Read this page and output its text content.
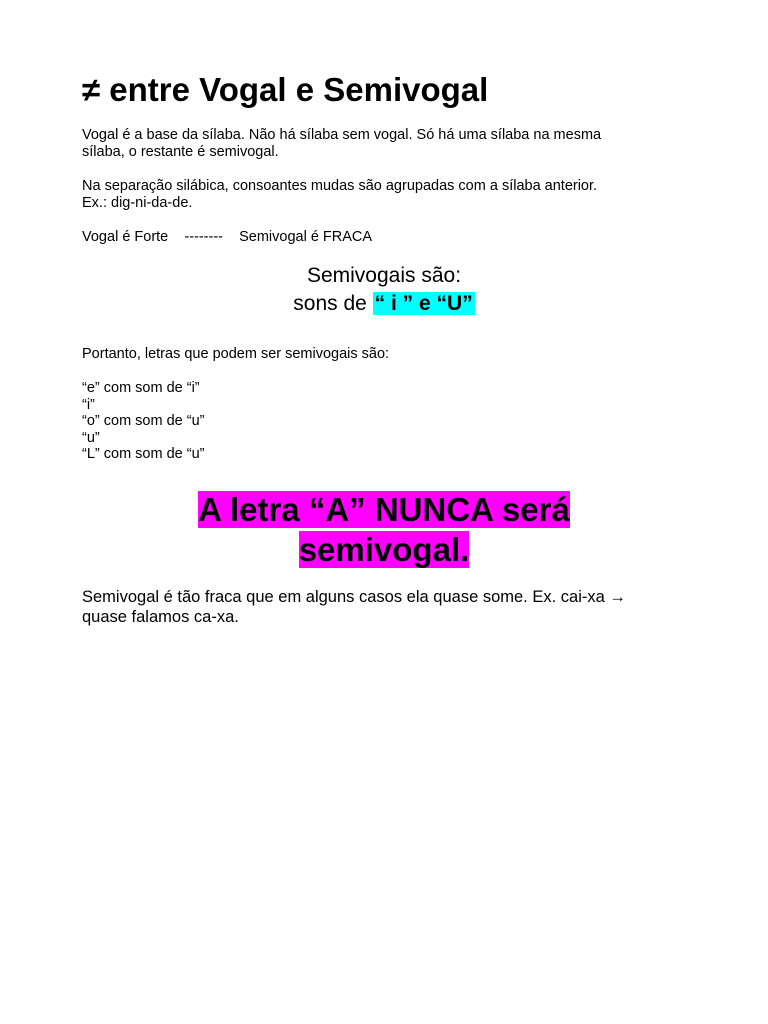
≠ entre Vogal e Semivogal
Vogal é a base da sílaba. Não há sílaba sem vogal. Só há uma sílaba na mesma
sílaba, o restante é semivogal.
Na separação silábica, consoantes mudas são agrupadas com a sílaba anterior.
Ex.: dig-ni-da-de.
Vogal é Forte    --------    Semivogal é FRACA
Semivogais são:
sons de “ i ” e “U”
Portanto, letras que podem ser semivogais são:
“e” com som de “i”
“i”
“o” com som de “u”
“u”
“L” com som de “u”
A letra “A” NUNCA será
semivogal.
Semivogal é tão fraca que em alguns casos ela quase some. Ex. cai-xa →
quase falamos ca-xa.
